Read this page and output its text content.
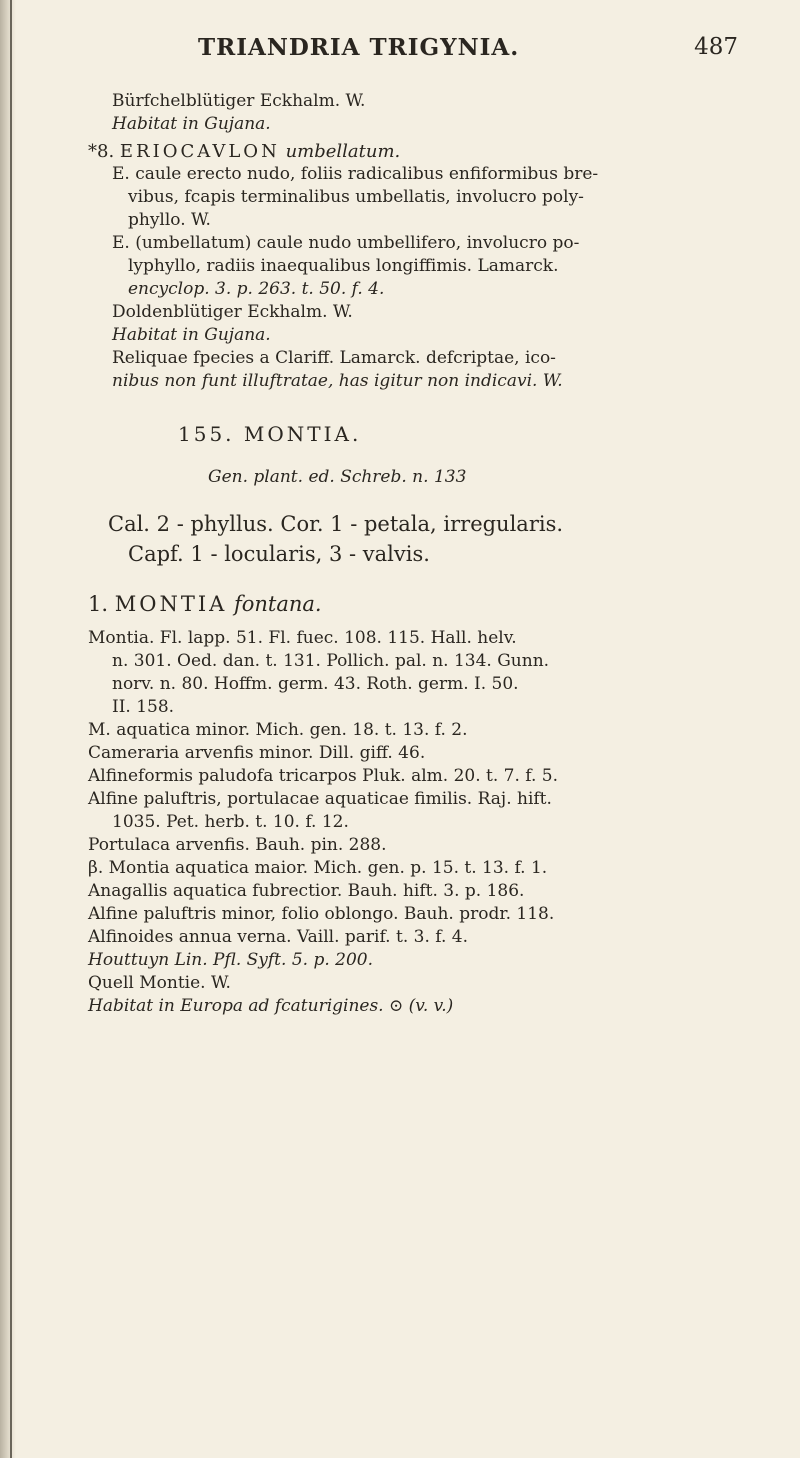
TRIANDRIA TRIGYNIA.	487
Bürfchelblütiger Eckhalm. W.
Habitat in Gujana.
*8. ERIOCAVLON umbellatum.
E. caule erecto nudo, foliis radicalibus enfiformibus bre-
vibus, fcapis terminalibus umbellatis, involucro poly-
phyllo. W.
E. (umbellatum) caule nudo umbellifero, involucro po-
lyphyllo, radiis inaequalibus longiffimis. Lamarck.
encyclop. 3. p. 263. t. 50. f. 4.
Doldenblütiger Eckhalm. W.
Habitat in Gujana.
Reliquae fpecies a Clariff. Lamarck. defcriptae, ico-
nibus non funt illuftratae, has igitur non indicavi. W.
155. MONTIA.
Gen. plant. ed. Schreb. n. 133
Cal. 2 - phyllus. Cor. 1 - petala, irregularis.
Capf. 1 - locularis, 3 - valvis.
1. MONTIA fontana.
Montia. Fl. lapp. 51. Fl. fuec. 108. 115. Hall. helv.
n. 301. Oed. dan. t. 131. Pollich. pal. n. 134. Gunn.
norv. n. 80. Hoffm. germ. 43. Roth. germ. I. 50.
II. 158.
M. aquatica minor. Mich. gen. 18. t. 13. f. 2.
Cameraria arvenfis minor. Dill. giff. 46.
Alfineformis paludofa tricarpos Pluk. alm. 20. t. 7. f. 5.
Alfine paluftris, portulacae aquaticae fimilis. Raj. hift.
1035. Pet. herb. t. 10. f. 12.
Portulaca arvenfis. Bauh. pin. 288.
β. Montia aquatica maior. Mich. gen. p. 15. t. 13. f. 1.
Anagallis aquatica fubrectior. Bauh. hift. 3. p. 186.
Alfine paluftris minor, folio oblongo. Bauh. prodr. 118.
Alfinoides annua verna. Vaill. parif. t. 3. f. 4.
Houttuyn Lin. Pfl. Syft. 5. p. 200.
Quell Montie. W.
Habitat in Europa ad fcaturigines. ⊙ (v. v.)
